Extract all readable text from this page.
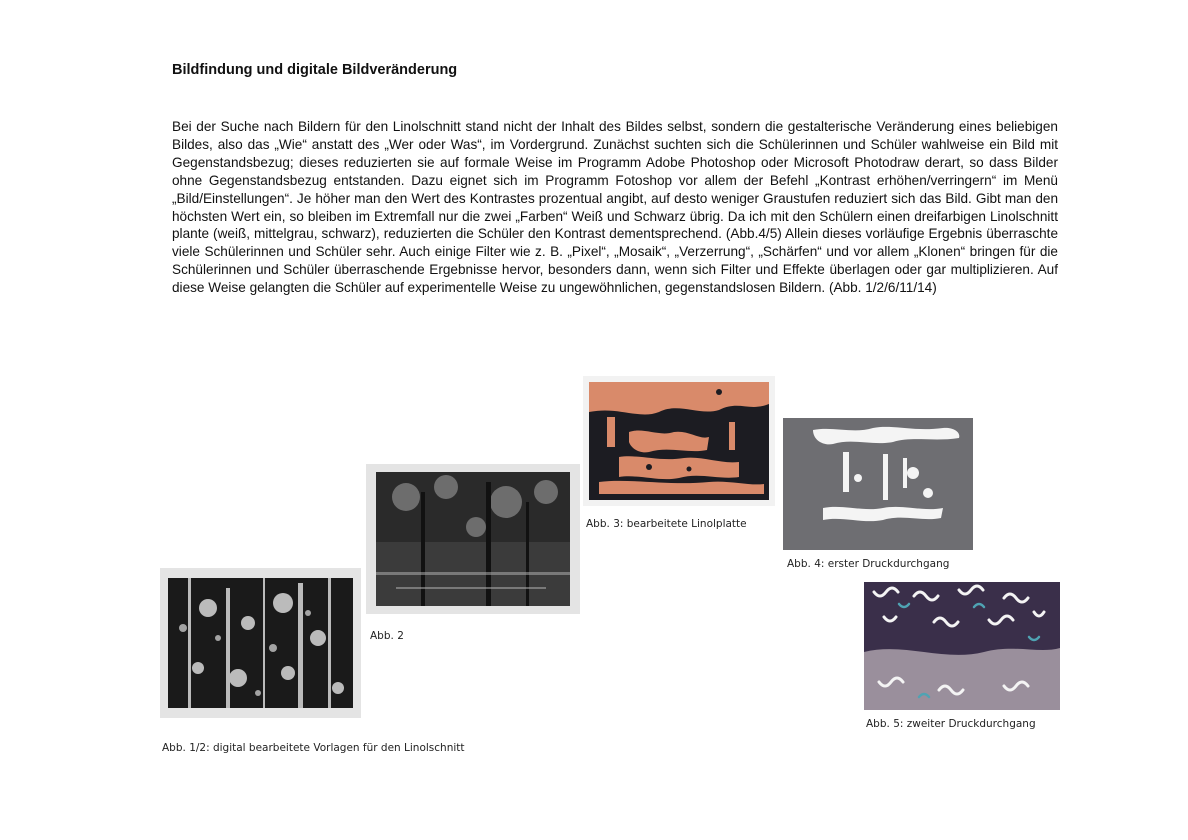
Bildfindung und digitale Bildveränderung

Bei der Suche nach Bildern für den Linolschnitt stand nicht der Inhalt des Bildes selbst, sondern die gestalterische Veränderung eines beliebigen Bildes, also das „Wie“ anstatt des „Wer oder Was“, im Vordergrund. Zunächst suchten sich die Schülerinnen und Schüler wahlweise ein Bild mit Gegenstandsbezug; dieses reduzierten sie auf formale Weise im Programm Adobe Photoshop oder Microsoft Photodraw derart, so dass Bilder ohne Gegenstandsbezug entstanden. Dazu eignet sich im Programm Fotoshop vor allem der Befehl „Kontrast erhöhen/verringern“ im Menü „Bild/Einstellungen“. Je höher man den Wert des Kontrastes prozentual angibt, auf desto weniger Graustufen reduziert sich das Bild. Gibt man den höchsten Wert ein, so bleiben im Extremfall nur die zwei „Farben“ Weiß und Schwarz übrig. Da ich mit den Schülern einen dreifarbigen Linolschnitt plante (weiß, mittelgrau, schwarz), reduzierten die Schüler den Kontrast dementsprechend. (Abb.4/5) Allein dieses vorläufige Ergebnis überraschte viele Schülerinnen und Schüler sehr. Auch einige Filter wie z. B. „Pixel“, „Mosaik“, „Verzerrung“, „Schärfen“ und vor allem „Klonen“ bringen für die Schülerinnen und Schüler überraschende Ergebnisse hervor, besonders dann, wenn sich Filter und Effekte überlagen oder gar multiplizieren. Auf diese Weise gelangten die Schüler auf experimentelle Weise zu ungewöhnlichen, gegenstandslosen Bildern. (Abb. 1/2/6/11/14)

Abb. 1/2: digital bearbeitete Vorlagen für den Linolschnitt
Abb. 2
Abb. 3: bearbeitete Linolplatte
Abb. 4: erster Druckdurchgang
Abb. 5: zweiter Druckdurchgang
